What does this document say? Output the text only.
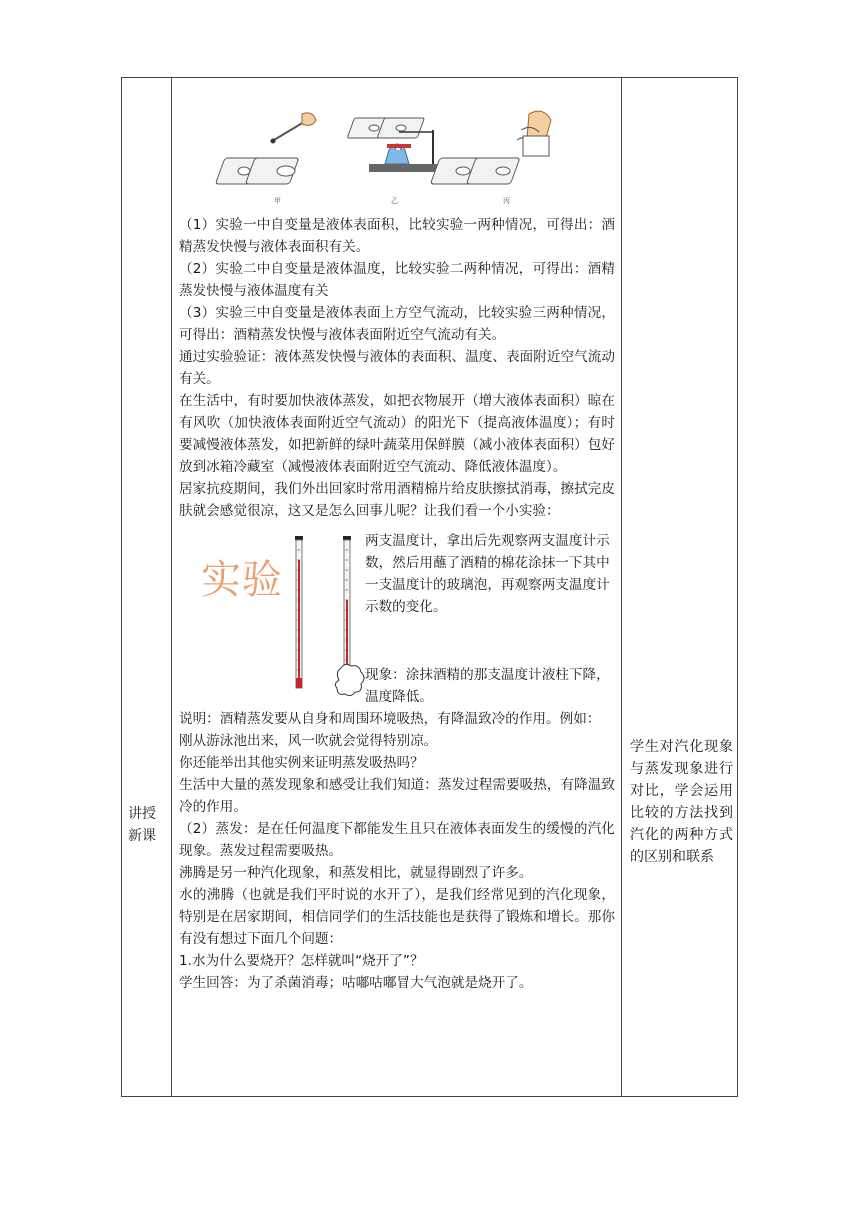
讲授新课
甲	乙	丙

（1）实验一中自变量是液体表面积，比较实验一两种情况，可得出：酒精蒸发快慢与液体表面积有关。

（2）实验二中自变量是液体温度，比较实验二两种情况，可得出：酒精蒸发快慢与液体温度有关

（3）实验三中自变量是液体表面上方空气流动，比较实验三两种情况，可得出：酒精蒸发快慢与液体表面附近空气流动有关。

通过实验验证：液体蒸发快慢与液体的表面积、温度、表面附近空气流动有关。

在生活中，有时要加快液体蒸发，如把衣物展开（增大液体表面积）晾在有风吹（加快液体表面附近空气流动）的阳光下（提高液体温度）；有时要减慢液体蒸发，如把新鲜的绿叶蔬菜用保鲜膜（减小液体表面积）包好放到冰箱冷藏室（减慢液体表面附近空气流动、降低液体温度）。

居家抗疫期间，我们外出回家时常用酒精棉片给皮肤擦拭消毒，擦拭完皮肤就会感觉很凉，这又是怎么回事儿呢？让我们看一个小实验：

实验
两支温度计，拿出后先观察两支温度计示数，然后用蘸了酒精的棉花涂抹一下其中一支温度计的玻璃泡，再观察两支温度计示数的变化。
现象：涂抹酒精的那支温度计液柱下降，温度降低。

说明：酒精蒸发要从自身和周围环境吸热，有降温致冷的作用。例如：

刚从游泳池出来，风一吹就会觉得特别凉。

你还能举出其他实例来证明蒸发吸热吗？

生活中大量的蒸发现象和感受让我们知道：蒸发过程需要吸热，有降温致冷的作用。

（2）蒸发：是在任何温度下都能发生且只在液体表面发生的缓慢的汽化现象。蒸发过程需要吸热。

沸腾是另一种汽化现象，和蒸发相比，就显得剧烈了许多。

水的沸腾（也就是我们平时说的水开了），是我们经常见到的汽化现象，特别是在居家期间，相信同学们的生活技能也是获得了锻炼和增长。那你有没有想过下面几个问题：

1.水为什么要烧开？怎样就叫“烧开了”？

学生回答：为了杀菌消毒；咕嘟咕嘟冒大气泡就是烧开了。

学生对汽化现象与蒸发现象进行对比，学会运用比较的方法找到汽化的两种方式的区别和联系
